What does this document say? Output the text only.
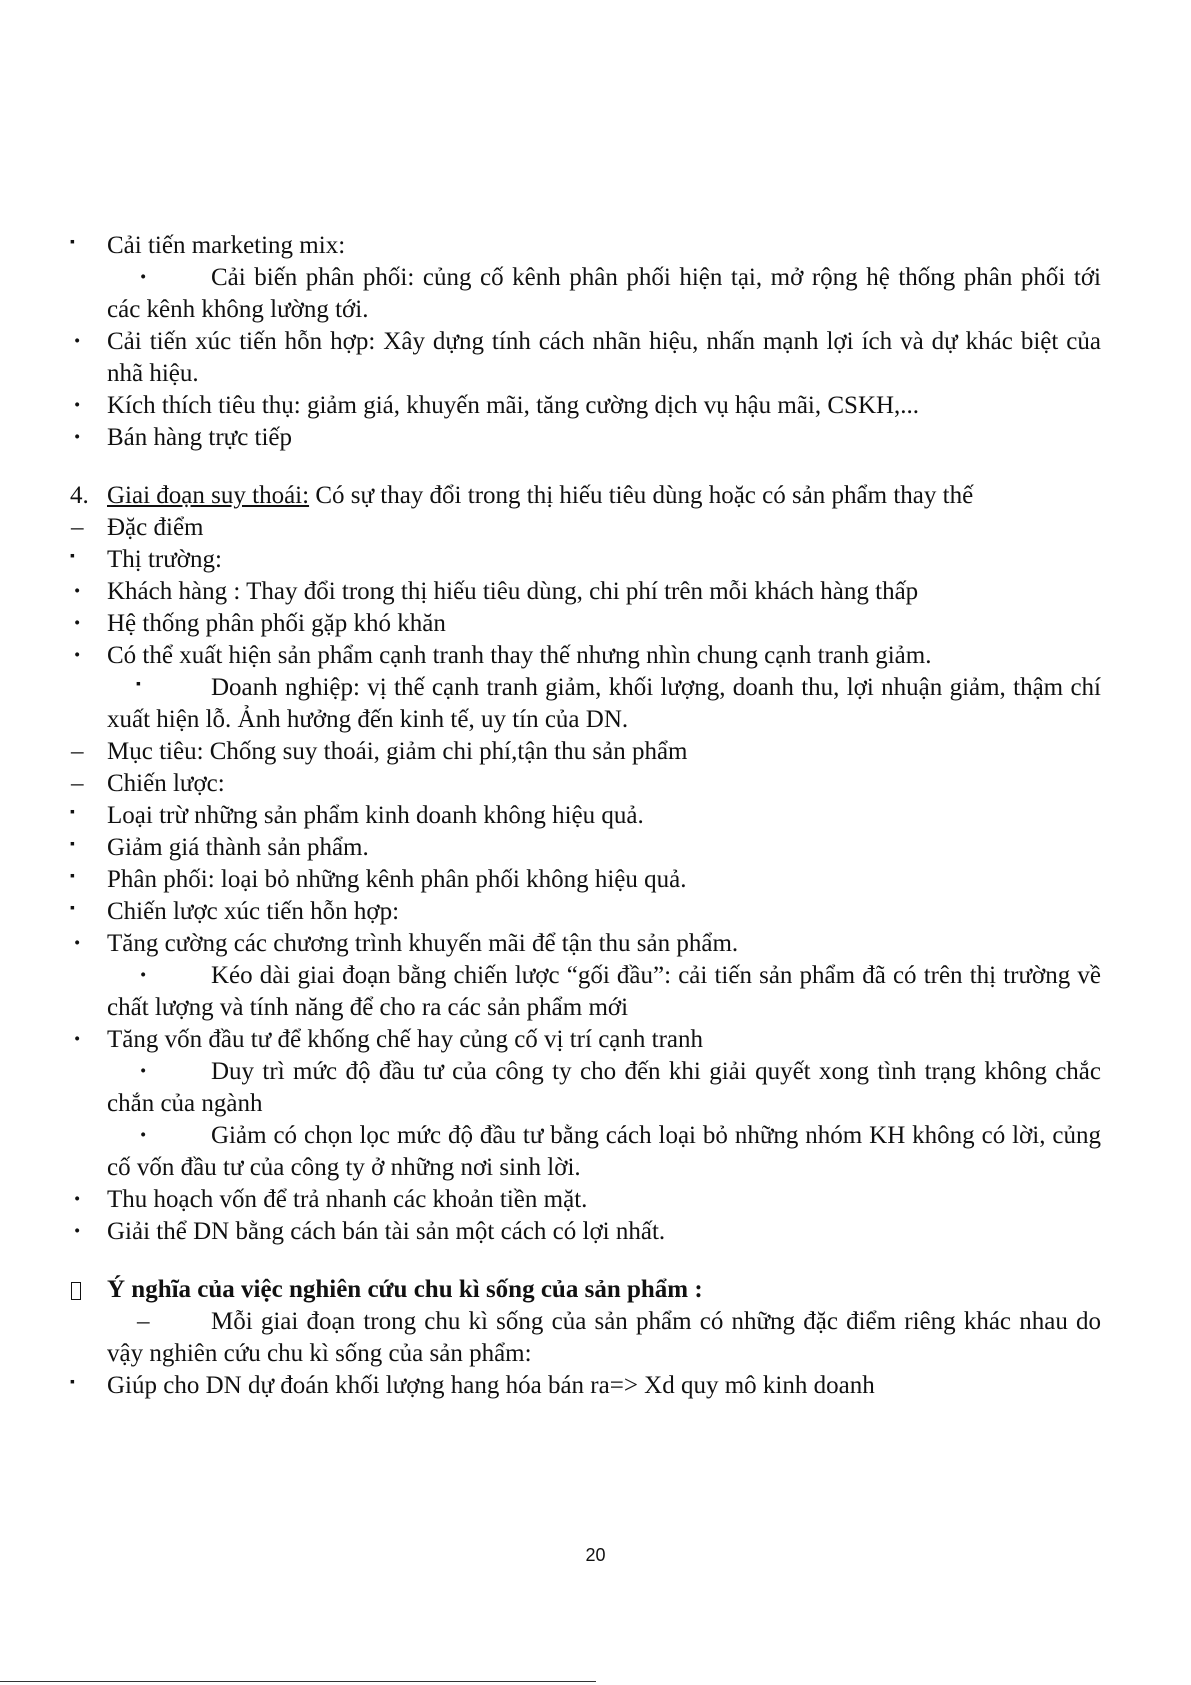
▪	Cải tiến marketing mix:
·	Cải biến phân phối: củng cố kênh phân phối hiện tại, mở rộng hệ thống phân phối tới các kênh không lường tới.
·	Cải tiến xúc tiến hỗn hợp: Xây dựng tính cách nhãn hiệu, nhấn mạnh lợi ích và dự khác biệt của nhã hiệu.
·	Kích thích tiêu thụ: giảm giá, khuyến mãi, tăng cường dịch vụ hậu mãi, CSKH,...
·	Bán hàng trực tiếp
4. Giai đoạn suy thoái: Có sự thay đổi trong thị hiếu tiêu dùng hoặc có sản phẩm thay thế
– Đặc điểm
▪	Thị trường:
·	Khách hàng : Thay đổi trong thị hiếu tiêu dùng, chi phí trên mỗi khách hàng thấp
·	Hệ thống phân phối gặp khó khăn
·	Có thể xuất hiện sản phẩm cạnh tranh thay thế nhưng nhìn chung cạnh tranh giảm.
▪	Doanh nghiệp: vị thế cạnh tranh giảm, khối lượng, doanh thu, lợi nhuận giảm, thậm chí xuất hiện lỗ. Ảnh hưởng đến kinh tế, uy tín của DN.
– Mục tiêu: Chống suy thoái, giảm chi phí,tận thu sản phẩm
– Chiến lược:
▪	Loại trừ những sản phẩm kinh doanh không hiệu quả.
▪	Giảm giá thành sản phẩm.
▪	Phân phối: loại bỏ những kênh phân phối không hiệu quả.
▪	Chiến lược xúc tiến hỗn hợp:
·	Tăng cường các chương trình khuyến mãi để tận thu sản phẩm.
·	Kéo dài giai đoạn bằng chiến lược “gối đầu”: cải tiến sản phẩm đã có trên thị trường về chất lượng và tính năng để cho ra các sản phẩm mới
·	Tăng vốn đầu tư để khống chế hay củng cố vị trí cạnh tranh
·	Duy trì mức độ đầu tư của công ty cho đến khi giải quyết xong tình trạng không chắc chắn của ngành
·	Giảm có chọn lọc mức độ đầu tư bằng cách loại bỏ những nhóm KH không có lời, củng cố vốn đầu tư của công ty ở những nơi sinh lời.
·	Thu hoạch vốn để trả nhanh các khoản tiền mặt.
·	Giải thể DN bằng cách bán tài sản một cách có lợi nhất.
Ý nghĩa của việc nghiên cứu chu kì sống của sản phẩm :
–	Mỗi giai đoạn trong chu kì sống của sản phẩm có những đặc điểm riêng khác nhau do vậy nghiên cứu chu kì sống của sản phẩm:
▪	Giúp cho DN dự đoán khối lượng hang hóa bán ra=> Xd quy mô kinh doanh
20
